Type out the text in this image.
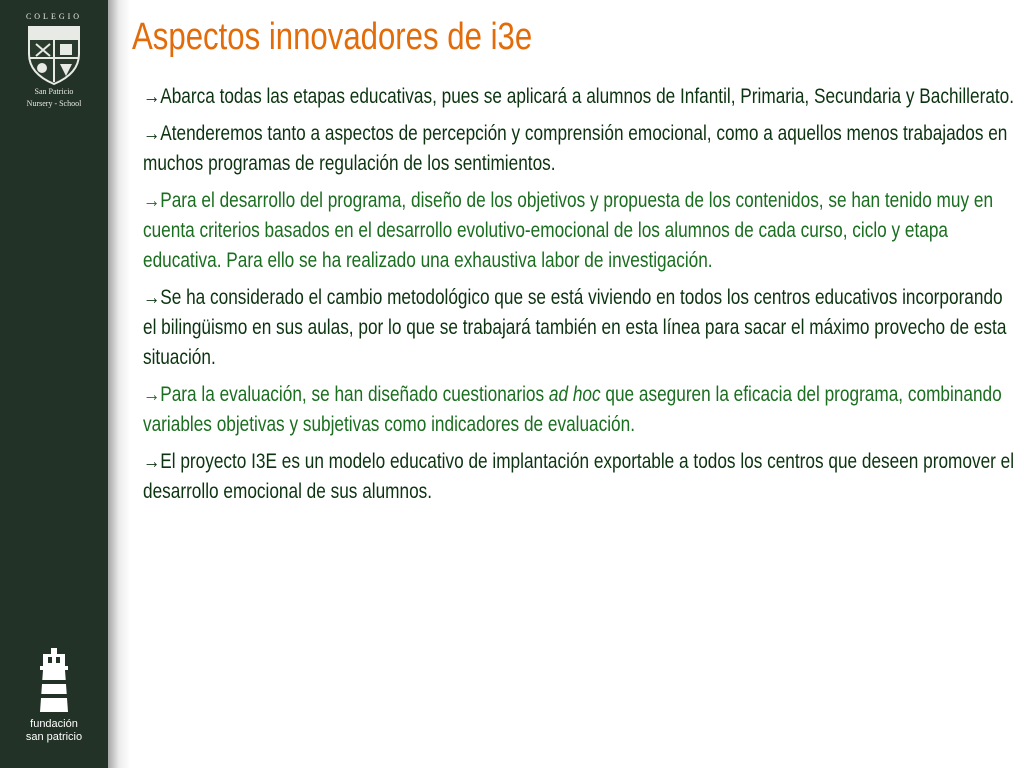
COLEGIO
San Patricio
Nursery - School
fundación
san patricio
Aspectos innovadores de i3e

→Abarca todas las etapas educativas, pues se aplicará a alumnos de Infantil, Primaria, Secundaria y Bachillerato.

→Atenderemos tanto a aspectos de percepción y comprensión emocional, como a aquellos menos trabajados en muchos programas de regulación de los sentimientos.

→Para el desarrollo del programa, diseño de los objetivos y propuesta de los contenidos, se han tenido muy en cuenta criterios basados en el desarrollo evolutivo-emocional de los alumnos de cada curso, ciclo y etapa educativa. Para ello se ha realizado una exhaustiva labor de investigación.

→Se ha considerado el cambio metodológico que se está viviendo en todos los centros educativos incorporando el bilingüismo en sus aulas, por lo que se trabajará también en esta línea para sacar el máximo provecho de esta situación.

→Para la evaluación, se han diseñado cuestionarios ad hoc que aseguren la eficacia del programa, combinando variables objetivas y subjetivas como indicadores de evaluación.

→El proyecto I3E es un modelo educativo de implantación exportable a todos los centros que deseen promover el desarrollo emocional de sus alumnos.
